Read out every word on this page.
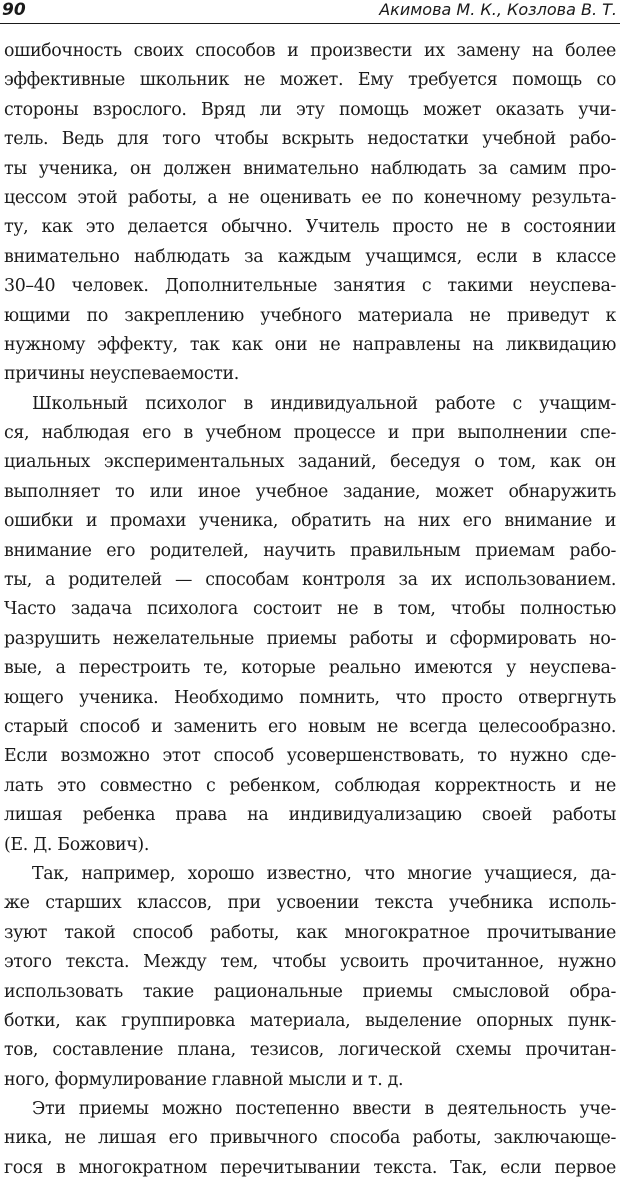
90	Акимова М. К., Козлова В. Т.
ошибочность своих способов и произвести их замену на более
эффективные школьник не может. Ему требуется помощь со
стороны взрослого. Вряд ли эту помощь может оказать учи-
тель. Ведь для того чтобы вскрыть недостатки учебной рабо-
ты ученика, он должен внимательно наблюдать за самим про-
цессом этой работы, а не оценивать ее по конечному результа-
ту, как это делается обычно. Учитель просто не в состоянии
внимательно наблюдать за каждым учащимся, если в классе
30–40 человек. Дополнительные занятия с такими неуспева-
ющими по закреплению учебного материала не приведут к
нужному эффекту, так как они не направлены на ликвидацию
причины неуспеваемости.
Школьный психолог в индивидуальной работе с учащим-
ся, наблюдая его в учебном процессе и при выполнении спе-
циальных экспериментальных заданий, беседуя о том, как он
выполняет то или иное учебное задание, может обнаружить
ошибки и промахи ученика, обратить на них его внимание и
внимание его родителей, научить правильным приемам рабо-
ты, а родителей — способам контроля за их использованием.
Часто задача психолога состоит не в том, чтобы полностью
разрушить нежелательные приемы работы и сформировать но-
вые, а перестроить те, которые реально имеются у неуспева-
ющего ученика. Необходимо помнить, что просто отвергнуть
старый способ и заменить его новым не всегда целесообразно.
Если возможно этот способ усовершенствовать, то нужно сде-
лать это совместно с ребенком, соблюдая корректность и не
лишая ребенка права на индивидуализацию своей работы
(Е. Д. Божович).
Так, например, хорошо известно, что многие учащиеся, да-
же старших классов, при усвоении текста учебника исполь-
зуют такой способ работы, как многократное прочитывание
этого текста. Между тем, чтобы усвоить прочитанное, нужно
использовать такие рациональные приемы смысловой обра-
ботки, как группировка материала, выделение опорных пунк-
тов, составление плана, тезисов, логической схемы прочитан-
ного, формулирование главной мысли и т. д.
Эти приемы можно постепенно ввести в деятельность уче-
ника, не лишая его привычного способа работы, заключающе-
гося в многократном перечитывании текста. Так, если первое
